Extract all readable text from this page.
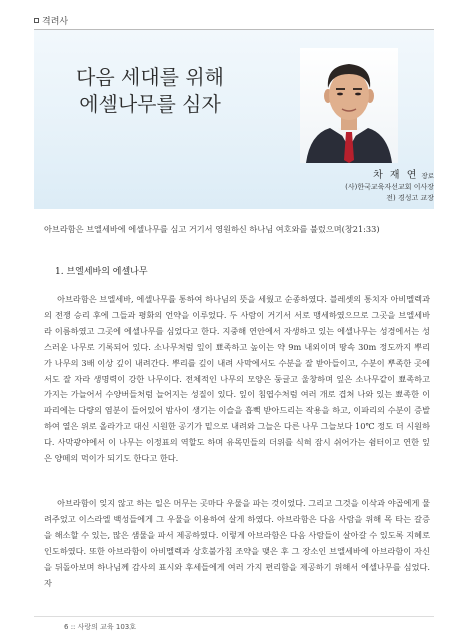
격려사
다음 세대를 위해
에셀나무를 심자
차 재 연 장로
(사)한국교육자선교회 이사장
전) 경성고 교장
아브라함은 브엘세바에 에셀나무를 심고 거기서 영원하신 하나님 여호와를 불렀으며(창21:33)
1. 브엘세바의 에셀나무
아브라함은 브엘세바, 에셀나무를 통하여 하나님의 뜻을 세웠고 순종하였다. 블레셋의 통치자 아비멜렉과의 전쟁 승리 후에 그들과 평화의 언약을 이루었다. 두 사람이 거기서 서로 맹세하였으므로 그곳을 브엘세바라 이름하였고 그곳에 에셀나무를 심었다고 한다. 지중해 연안에서 자생하고 있는 에셀나무는 성경에서는 성스러운 나무로 기록되어 있다. 소나무처럼 잎이 뾰족하고 높이는 약 9m 내외이며 땅속 30m 정도까지 뿌리가 나무의 3배 이상 깊이 내려간다. 뿌리를 깊이 내려 사막에서도 수분을 잘 받아들이고, 수분이 뿌족한 곳에서도 잘 자라 생명력이 강한 나무이다. 전체적인 나무의 모양은 둥글고 울창하며 잎은 소나무같이 뾰족하고 가지는 가늘어서 수양버들처럼 늘어지는 성질이 있다. 잎이 침엽수처럼 여러 개로 겹쳐 나와 있는 뾰족한 이파리에는 다량의 염분이 들어있어 밤사이 생기는 이슬을 흡뻑 받아드리는 작용을 하고, 이파리의 수분이 증발하여 열은 위로 올라가고 대신 시원한 공기가 밑으로 내려와 그늘은 다른 나무 그늘보다 10℃ 정도 더 시원하다. 사막광야에서 이 나무는 이정표의 역할도 하며 유목민들의 더위를 식혀 잠시 쉬어가는 쉼터이고 연한 잎은 양떼의 먹이가 되기도 한다고 한다.
아브라함이 잊지 않고 하는 일은 머무는 곳마다 우물을 파는 것이었다. 그리고 그것을 이삭과 야곱에게 물려주었고 이스라엘 백성들에게 그 우물을 이용하여 살게 하였다. 아브라함은 다음 사람을 위해 목 타는 갈증을 해소할 수 있는, 많은 샘물을 파서 제공하였다. 이렇게 아브라함은 다음 사람들이 살아갈 수 있도록 지혜로 인도하였다. 또한 아브라함이 아비멜렉과 상호불가침 조약을 맺은 후 그 장소인 브엘세바에 아브라함이 자신을 뒤돌아보며 하나님께 감사의 표시와 후세들에게 여러 가지 편리함을 제공하기 위해서 에셀나무를 심었다. 자
6 :: 사랑의 교육 103호
